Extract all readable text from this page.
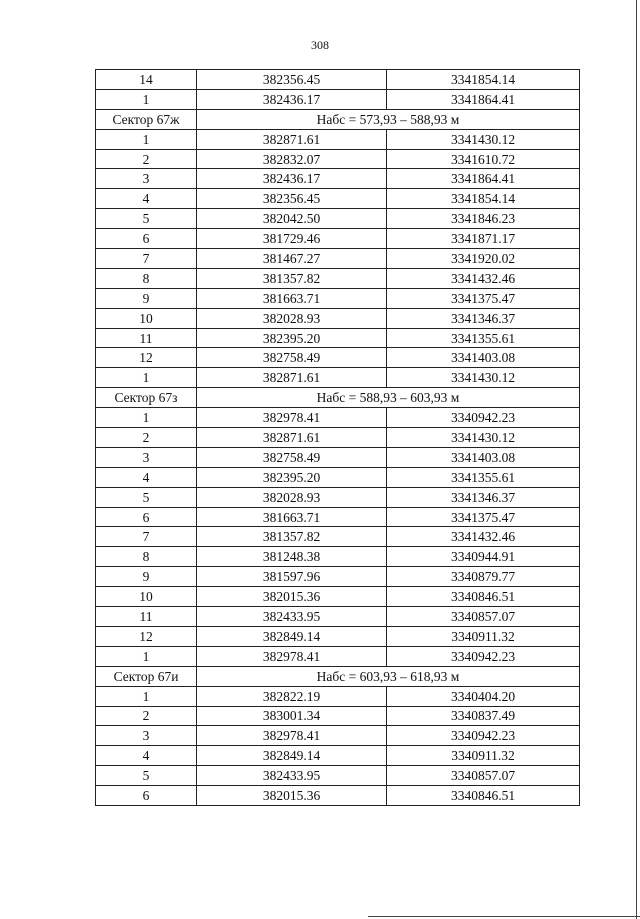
308
14	382356.45	3341854.14
1	382436.17	3341864.41
Сектор 67ж	Набс = 573,93 – 588,93 м	
1	382871.61	3341430.12
2	382832.07	3341610.72
3	382436.17	3341864.41
4	382356.45	3341854.14
5	382042.50	3341846.23
6	381729.46	3341871.17
7	381467.27	3341920.02
8	381357.82	3341432.46
9	381663.71	3341375.47
10	382028.93	3341346.37
11	382395.20	3341355.61
12	382758.49	3341403.08
1	382871.61	3341430.12
Сектор 67з	Набс = 588,93 – 603,93 м	
1	382978.41	3340942.23
2	382871.61	3341430.12
3	382758.49	3341403.08
4	382395.20	3341355.61
5	382028.93	3341346.37
6	381663.71	3341375.47
7	381357.82	3341432.46
8	381248.38	3340944.91
9	381597.96	3340879.77
10	382015.36	3340846.51
11	382433.95	3340857.07
12	382849.14	3340911.32
1	382978.41	3340942.23
Сектор 67и	Набс = 603,93 – 618,93 м	
1	382822.19	3340404.20
2	383001.34	3340837.49
3	382978.41	3340942.23
4	382849.14	3340911.32
5	382433.95	3340857.07
6	382015.36	3340846.51
